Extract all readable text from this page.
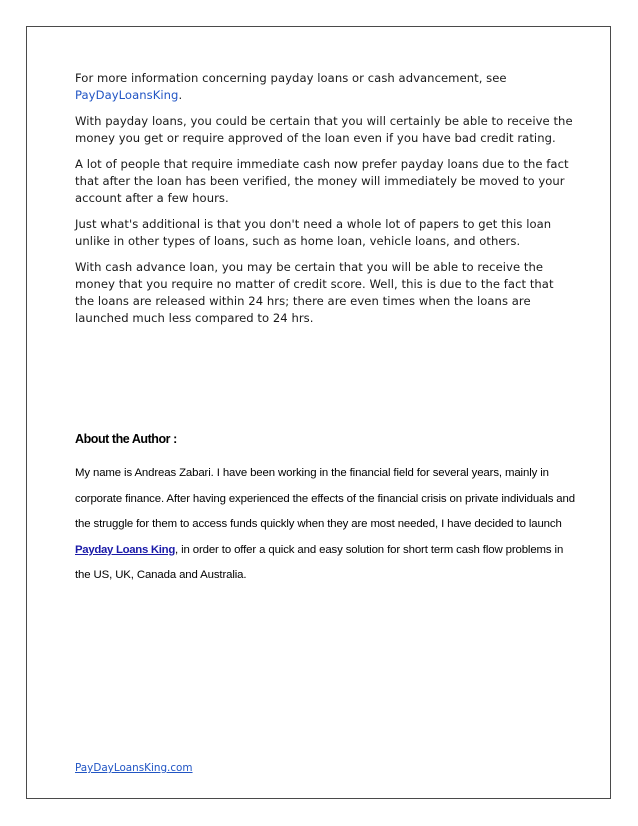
For more information concerning payday loans or cash advancement, see
PayDayLoansKing.

With payday loans, you could be certain that you will certainly be able to receive the money you get or require approved of the loan even if you have bad credit rating.

A lot of people that require immediate cash now prefer payday loans due to the fact that after the loan has been verified, the money will immediately be moved to your account after a few hours.

Just what's additional is that you don't need a whole lot of papers to get this loan unlike in other types of loans, such as home loan, vehicle loans, and others.

With cash advance loan, you may be certain that you will be able to receive the money that you require no matter of credit score. Well, this is due to the fact that the loans are released within 24 hrs; there are even times when the loans are launched much less compared to 24 hrs.

About the Author :

My name is Andreas Zabari. I have been working in the financial field for several years, mainly in corporate finance. After having experienced the effects of the financial crisis on private individuals and the struggle for them to access funds quickly when they are most needed, I have decided to launch Payday Loans King, in order to offer a quick and easy solution for short term cash flow problems in the US, UK, Canada and Australia.

PayDayLoansKing.com
